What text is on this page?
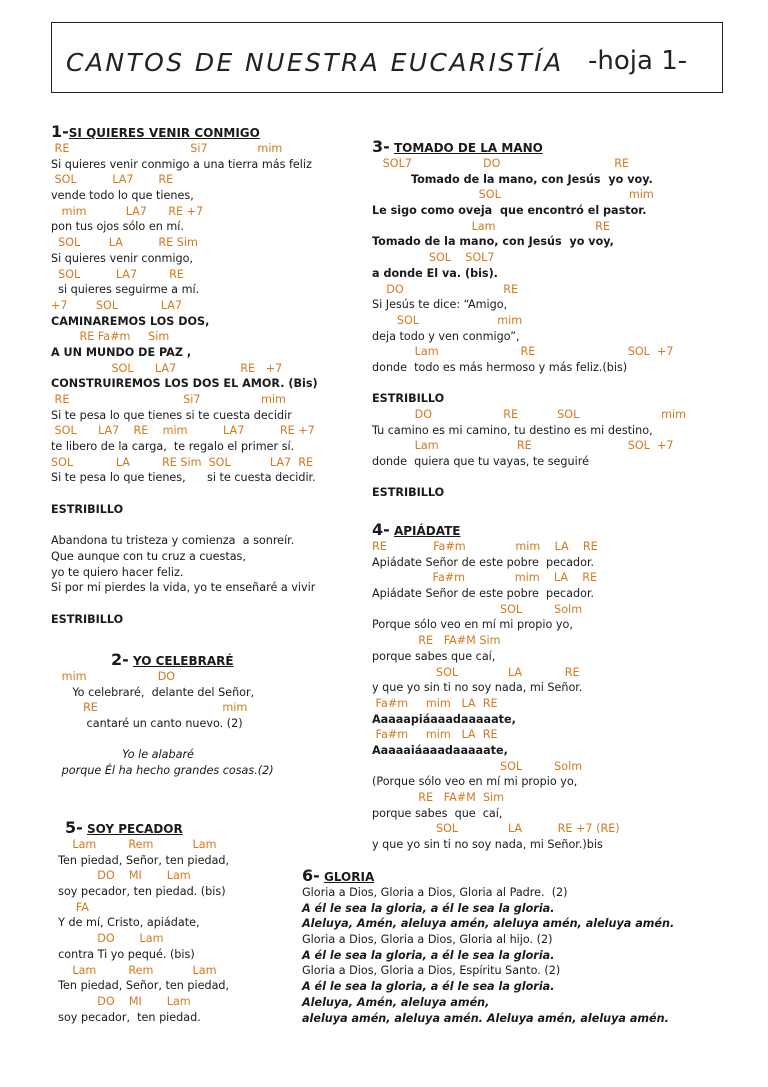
CANTOS DE NUESTRA EUCARISTÍA -hoja 1-
1-SI QUIERES VENIR CONMIGO
RE                                  Si7              mim
Si quieres venir conmigo a una tierra más feliz
SOL          LA7       RE
vende todo lo que tienes,
mim           LA7      RE +7
pon tus ojos sólo en mí.
SOL        LA          RE Sim
Si quieres venir conmigo,
SOL          LA7         RE
si quieres seguirme a mí.
+7        SOL            LA7
CAMINAREMOS LOS DOS,
RE Fa#m     Sim
A UN MUNDO DE PAZ ,
SOL      LA7                  RE   +7
CONSTRUIREMOS LOS DOS EL AMOR. (Bis)
RE                                Si7                 mim
Si te pesa lo que tienes si te cuesta decidir
SOL      LA7    RE    mim          LA7          RE +7
te libero de la carga,  te regalo el primer sí.
SOL            LA         RE Sim  SOL           LA7  RE
Si te pesa lo que tienes,      si te cuesta decidir.
ESTRIBILLO
Abandona tu tristeza y comienza  a sonreír.
Que aunque con tu cruz a cuestas,
yo te quiero hacer feliz.
Si por mi pierdes la vida, yo te enseñaré a vivir
ESTRIBILLO
2- YO CELEBRARÉ
mim                    DO
Yo celebraré,  delante del Señor,
RE                                   mim
cantaré un canto nuevo. (2)
Yo le alabaré
porque Él ha hecho grandes cosas.(2)
3- TOMADO DE LA MANO
SOL7                    DO                                RE
Tomado de la mano, con Jesús  yo voy.
SOL                                    mim
Le sigo como oveja  que encontró el pastor.
Lam                            RE
Tomado de la mano, con Jesús  yo voy,
SOL    SOL7
a donde El va. (bis).
DO                            RE
Si Jesús te dice: “Amigo,
SOL                      mim
deja todo y ven conmigo”,
Lam                       RE                          SOL  +7
donde  todo es más hermoso y más feliz.(bis)
ESTRIBILLO
DO                    RE           SOL                       mim
Tu camino es mi camino, tu destino es mi destino,
Lam                      RE                           SOL  +7
donde  quiera que tu vayas, te seguiré
ESTRIBILLO
4- APIÁDATE
RE             Fa#m              mim    LA    RE
Apiádate Señor de este pobre  pecador.
Fa#m              mim    LA    RE
Apiádate Señor de este pobre  pecador.
SOL         Solm
Porque sólo veo en mí mi propio yo,
RE   FA#M Sim
porque sabes que caí,
SOL              LA            RE
y que yo sin ti no soy nada, mi Señor.
Fa#m     mim   LA  RE
Aaaaapiáaaadaaaaate,
Fa#m     mim   LA  RE
Aaaaaiáaaadaaaaate,
SOL         Solm
(Porque sólo veo en mí mi propio yo,
RE   FA#M  Sim
porque sabes  que  caí,
SOL              LA          RE +7 (RE)
y que yo sin ti no soy nada, mi Señor.)bis
5- SOY PECADOR
Lam         Rem           Lam
Ten piedad, Señor, ten piedad,
DO    MI       Lam
soy pecador, ten piedad. (bis)
FA
Y de mí, Cristo, apiádate,
DO       Lam
contra Ti yo pequé. (bis)
Lam         Rem           Lam
Ten piedad, Señor, ten piedad,
DO    MI       Lam
soy pecador,  ten piedad.
6- GLORIA
Gloria a Dios, Gloria a Dios, Gloria al Padre.  (2)
A él le sea la gloria, a él le sea la gloria.
Aleluya, Amén, aleluya amén, aleluya amén, aleluya amén.
Gloria a Dios, Gloria a Dios, Gloria al hijo. (2)
A él le sea la gloria, a él le sea la gloria.
Gloria a Dios, Gloria a Dios, Espíritu Santo. (2)
A él le sea la gloria, a él le sea la gloria.
Aleluya, Amén, aleluya amén,
aleluya amén, aleluya amén. Aleluya amén, aleluya amén.
